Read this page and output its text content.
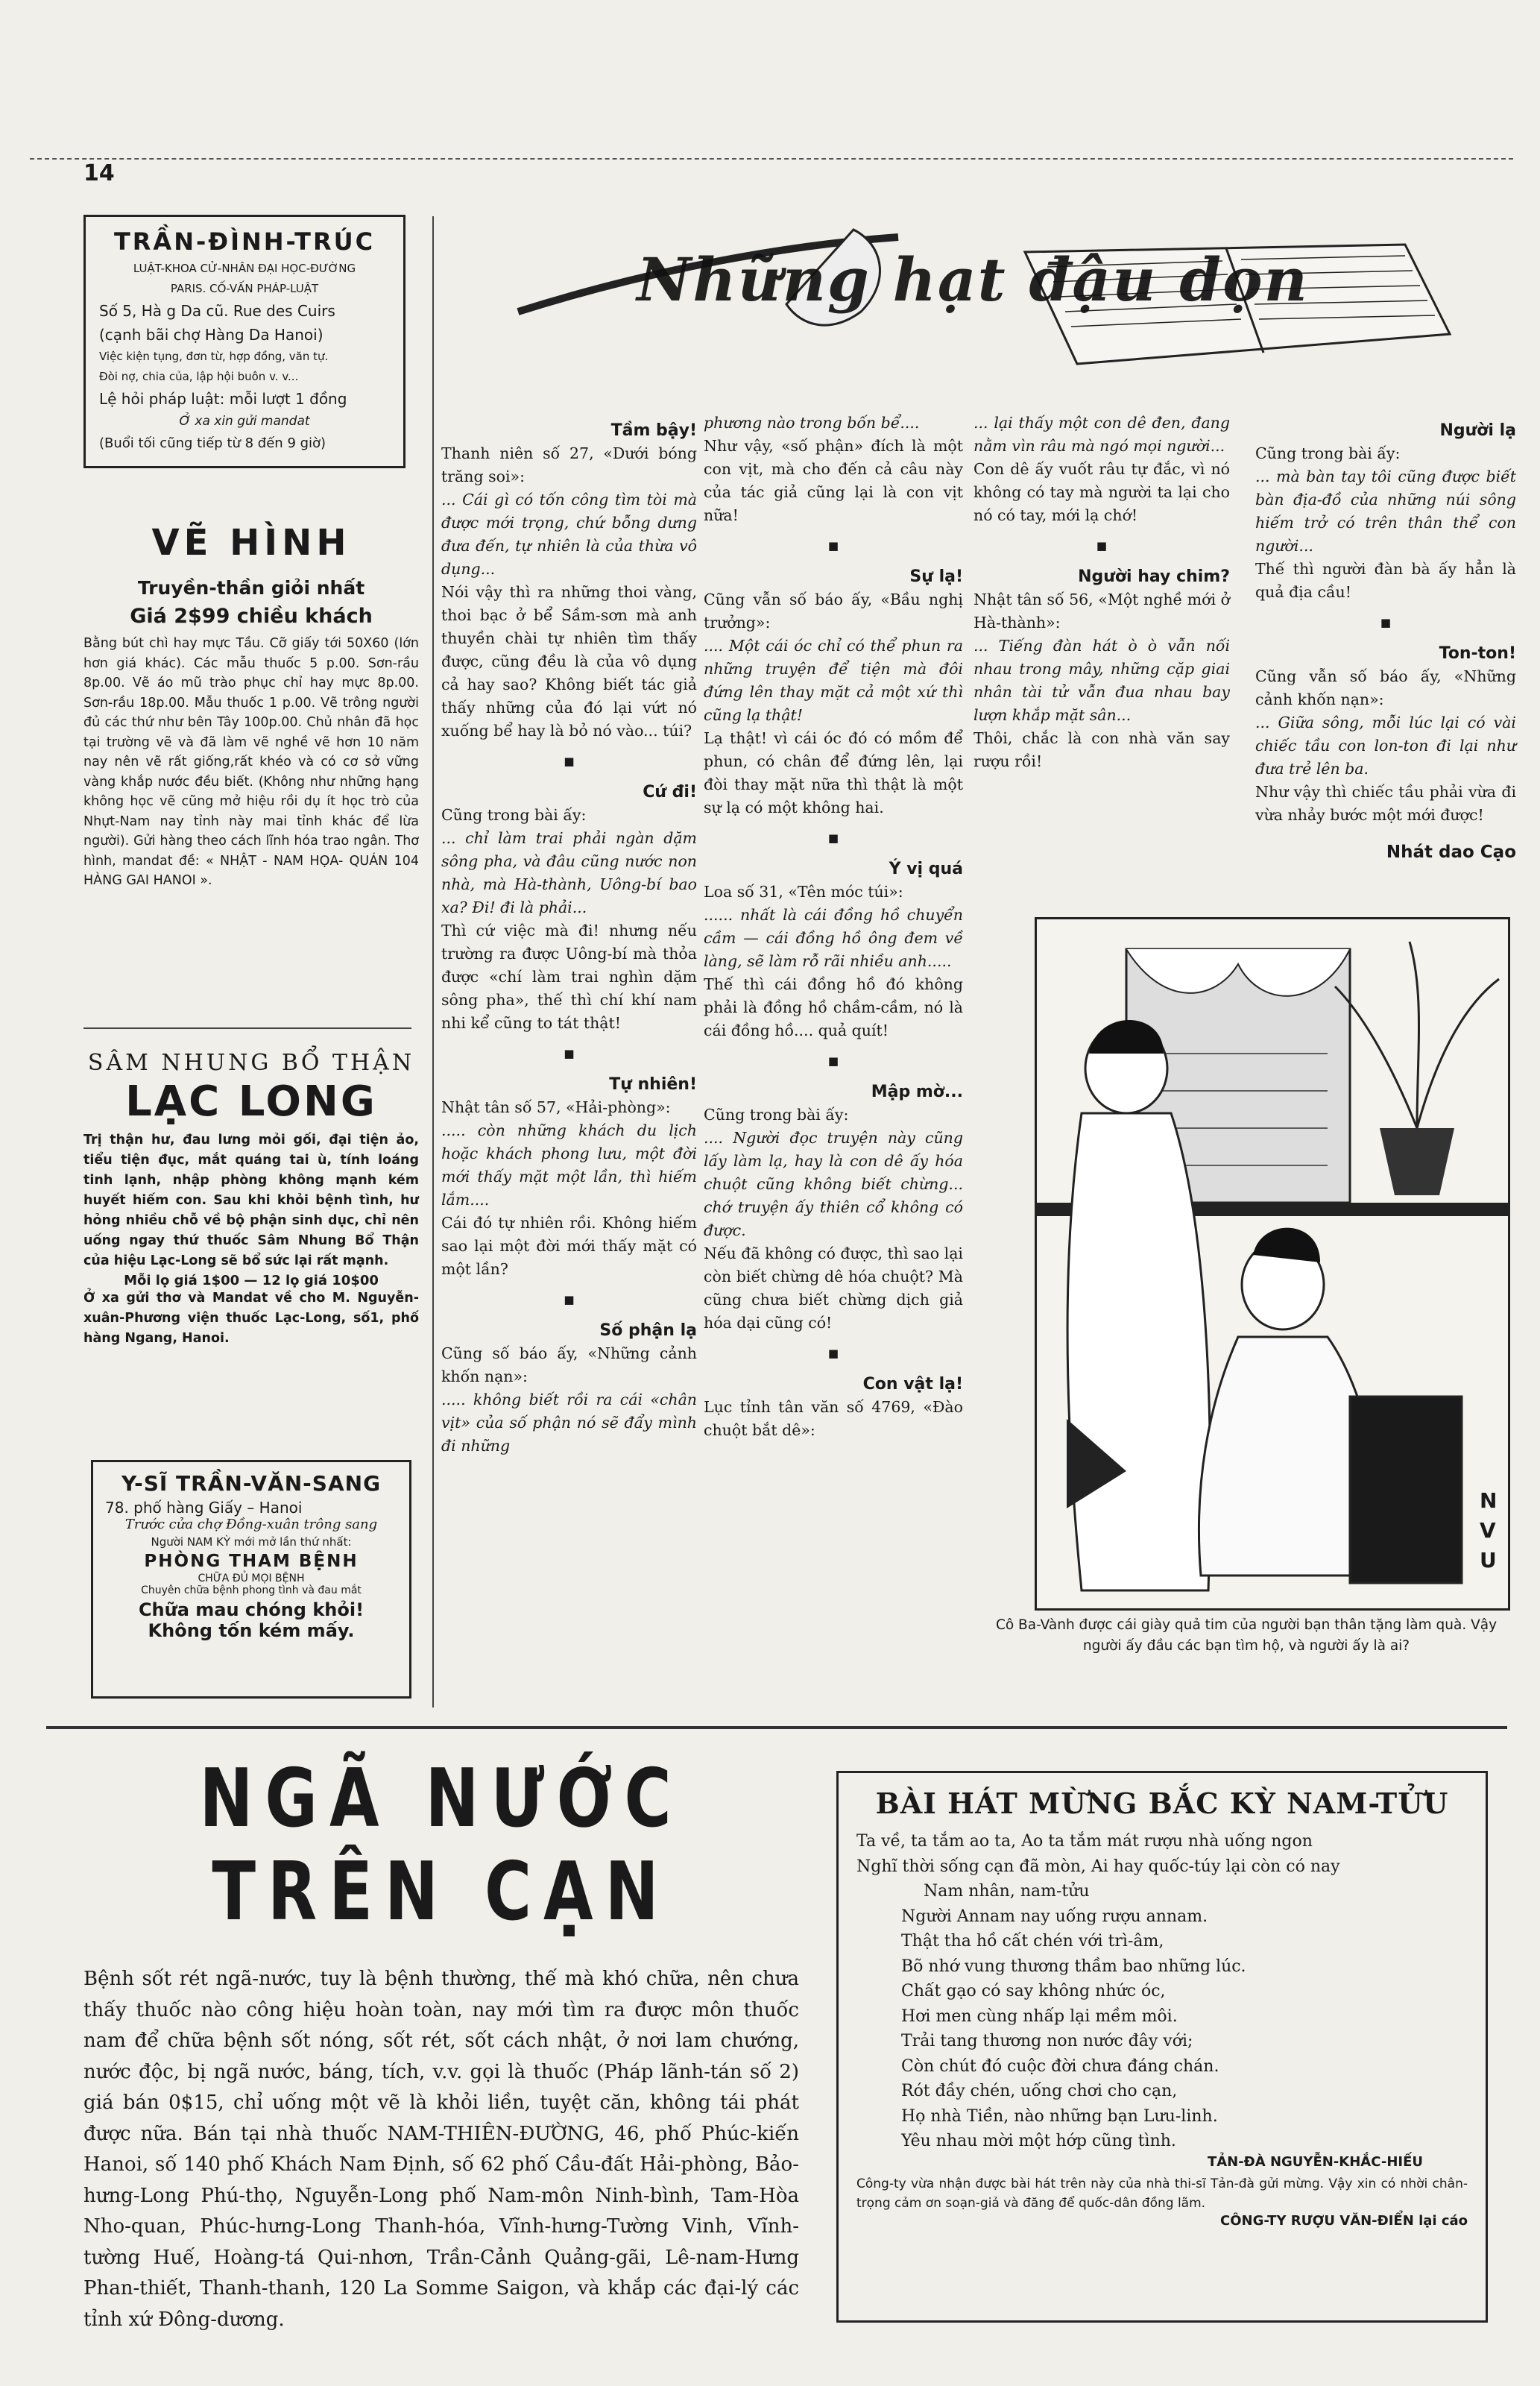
14
TRẦN-ĐÌNH-TRÚC
LUẬT-KHOA CỬ-NHÂN ĐẠI HỌC-ĐƯỜNG
PARIS. CỐ-VẤN PHÁP-LUẬT
Số 5, Hà g Da cũ. Rue des Cuirs
(cạnh bãi chợ Hàng Da Hanoi)
Việc kiện tụng, đơn từ, hợp đồng, văn tự.
Đòi nợ, chia của, lập hội buôn v. v...
Lệ hỏi pháp luật: mỗi lượt 1 đồng
Ở xa xin gửi mandat
(Buổi tối cũng tiếp từ 8 đến 9 giờ)
VẼ HÌNH
Truyền-thần giỏi nhất
Giá 2$99 chiều khách

Bằng bút chì hay mực Tầu. Cỡ giấy tới 50X60 (lớn hơn giá khác). Các mẫu thuốc 5 p.00. Sơn-rầu 8p.00. Vẽ áo mũ trào phục chỉ hay mực 8p.00. Sơn-rầu 18p.00. Mẫu thuốc 1 p.00. Vẽ trông người đủ các thứ như bên Tây 100p.00. Chủ nhân đã học tại trường vẽ và đã làm vẽ nghề vẽ hơn 10 năm nay nên vẽ rất giống,rất khéo và có cơ sở vững vàng khắp nước đều biết. (Không như những hạng không học vẽ cũng mở hiệu rồi dụ ít học trò của Nhựt-Nam nay tỉnh này mai tỉnh khác để lừa người). Gửi hàng theo cách lĩnh hóa trao ngân. Thơ hình, mandat đề: « NHẬT - NAM HỌA- QUÁN 104 HÀNG GAI HANOI ».

SÂM NHUNG BỔ THẬN
LẠC LONG

Trị thận hư, đau lưng mỏi gối, đại tiện ảo, tiểu tiện đục, mắt quáng tai ù, tính loáng tinh lạnh, nhập phòng không mạnh kém huyết hiếm con. Sau khi khỏi bệnh tình, hư hỏng nhiều chỗ về bộ phận sinh dục, chỉ nên uống ngay thứ thuốc Sâm Nhung Bổ Thận của hiệu Lạc-Long sẽ bổ sức lại rất mạnh.

Mỗi lọ giá 1$00 — 12 lọ giá 10$00

Ở xa gửi thơ và Mandat về cho M. Nguyễn-xuân-Phương viện thuốc Lạc-Long, số1, phố hàng Ngang, Hanoi.

Y-SĨ TRẦN-VĂN-SANG
78. phố hàng Giấy – Hanoi
Trước cửa chợ Đồng-xuân trông sang
Người NAM KỲ mới mở lần thứ nhất:
PHÒNG THAM BỆNH
CHỮA ĐỦ MỌI BỆNH
Chuyên chữa bệnh phong tình và đau mắt
Chữa mau chóng khỏi!
Không tốn kém mấy.
Những hạt đậu dọn

Tầm bậy!

Thanh niên số 27, «Dưới bóng trăng soi»:

... Cái gì có tốn công tìm tòi mà được mới trọng, chứ bỗng dưng đưa đến, tự nhiên là của thừa vô dụng...

Nói vậy thì ra những thoi vàng, thoi bạc ở bể Sầm-sơn mà anh thuyền chài tự nhiên tìm thấy được, cũng đều là của vô dụng cả hay sao? Không biết tác giả thấy những của đó lại vứt nó xuống bể hay là bỏ nó vào... túi?

■

Cứ đi!

Cũng trong bài ấy:

... chỉ làm trai phải ngàn dặm sông pha, và đâu cũng nước non nhà, mà Hà-thành, Uông-bí bao xa? Đi! đi là phải...

Thì cứ việc mà đi! nhưng nếu trường ra được Uông-bí mà thỏa được «chí làm trai nghìn dặm sông pha», thế thì chí khí nam nhi kể cũng to tát thật!

■

Tự nhiên!

Nhật tân số 57, «Hải-phòng»:

..... còn những khách du lịch hoặc khách phong lưu, một đời mới thấy mặt một lần, thì hiếm lắm....

Cái đó tự nhiên rồi. Không hiếm sao lại một đời mới thấy mặt có một lần?

■

Số phận lạ

Cũng số báo ấy, «Những cảnh khốn nạn»:

..... không biết rồi ra cái «chân vịt» của số phận nó sẽ đẩy mình đi những

phương nào trong bốn bể....

Như vậy, «số phận» đích là một con vịt, mà cho đến cả câu này của tác giả cũng lại là con vịt nữa!

■

Sự lạ!

Cũng vẫn số báo ấy, «Bầu nghị trưởng»:

.... Một cái óc chỉ có thể phun ra những truyện để tiện mà đôi đứng lên thay mặt cả một xứ thì cũng lạ thật!

Lạ thật! vì cái óc đó có mồm để phun, có chân để đứng lên, lại đòi thay mặt nữa thì thật là một sự lạ có một không hai.

■

Ý vị quá

Loa số 31, «Tên móc túi»:

...... nhất là cái đồng hồ chuyển cầm — cái đồng hồ ông đem về làng, sẽ làm rỗ rãi nhiều anh.....

Thế thì cái đồng hồ đó không phải là đồng hồ chầm-cầm, nó là cái đồng hồ.... quả quít!

■

Mập mờ...

Cũng trong bài ấy:

.... Người đọc truyện này cũng lấy làm lạ, hay là con dê ấy hóa chuột cũng không biết chừng... chớ truyện ấy thiên cổ không có được.

Nếu đã không có được, thì sao lại còn biết chừng dê hóa chuột? Mà cũng chưa biết chừng dịch giả hóa dại cũng có!

■

Con vật lạ!

Lục tỉnh tân văn số 4769, «Đào chuột bắt dê»:

... lại thấy một con dê đen, đang nằm vìn râu mà ngó mọi người...

Con dê ấy vuốt râu tự đắc, vì nó không có tay mà người ta lại cho nó có tay, mới lạ chớ!

■

Người hay chim?

Nhật tân số 56, «Một nghề mới ở Hà-thành»:

... Tiếng đàn hát ò ò vẫn nối nhau trong mây, những cặp giai nhân tài tử vẫn đua nhau bay lượn khắp mặt sân...

Thôi, chắc là con nhà văn say rượu rồi!

Người lạ

Cũng trong bài ấy:

... mà bàn tay tôi cũng được biết bàn địa-đồ của những núi sông hiếm trở có trên thân thể con người...

Thế thì người đàn bà ấy hẳn là quả địa cầu!

■

Ton-ton!

Cũng vẫn số báo ấy, «Những cảnh khốn nạn»:

... Giữa sông, mỗi lúc lại có vài chiếc tầu con lon-ton đi lại như đưa trẻ lên ba.

Như vậy thì chiếc tầu phải vừa đi vừa nhảy bước một mới được!

Nhát dao Cạo
NVU
Cô Ba-Vành được cái giày quả tim của người bạn thân tặng làm quà. Vậy người ấy đầu các bạn tìm hộ, và người ấy là ai?
NGÃ NƯỚC TRÊN CẠN

Bệnh sốt rét ngã-nước, tuy là bệnh thường, thế mà khó chữa, nên chưa thấy thuốc nào công hiệu hoàn toàn, nay mới tìm ra được môn thuốc nam để chữa bệnh sốt nóng, sốt rét, sốt cách nhật, ở nơi lam chướng, nước độc, bị ngã nước, báng, tích, v.v. gọi là thuốc (Pháp lãnh-tán số 2) giá bán 0$15, chỉ uống một vẽ là khỏi liền, tuyệt căn, không tái phát được nữa. Bán tại nhà thuốc NAM-THIÊN-ĐƯỜNG, 46, phố Phúc-kiến Hanoi, số 140 phố Khách Nam Định, số 62 phố Cầu-đất Hải-phòng, Bảo-hưng-Long Phú-thọ, Nguyễn-Long phố Nam-môn Ninh-bình, Tam-Hòa Nho-quan, Phúc-hưng-Long Thanh-hóa, Vĩnh-hưng-Tường Vinh, Vĩnh-tường Huế, Hoàng-tá Qui-nhơn, Trần-Cảnh Quảng-gãi, Lê-nam-Hưng Phan-thiết, Thanh-thanh, 120 La Somme Saigon, và khắp các đại-lý các tỉnh xứ Đông-dương.

BÀI HÁT MỪNG BẮC KỲ NAM-TỬU
Ta về, ta tắm ao ta, Ao ta tắm mát rượu nhà uống ngon
Nghĩ thời sống cạn đã mòn, Ai hay quốc-túy lại còn có nay
Nam nhân, nam-tửu
Người Annam nay uống rượu annam.
Thật tha hồ cất chén với trì-âm,
Bõ nhớ vung thương thầm bao những lúc.
Chất gạo có say không nhức óc,
Hơi men cùng nhấp lại mềm môi.
Trải tang thương non nước đây với;
Còn chút đó cuộc đời chưa đáng chán.
Rót đầy chén, uống chơi cho cạn,
Họ nhà Tiền, nào những bạn Lưu-linh.
Yêu nhau mời một hớp cũng tình.
TẢN-ĐÀ NGUYỄN-KHẮC-HIẾU

Công-ty vừa nhận được bài hát trên này của nhà thi-sĩ Tản-đà gửi mừng. Vậy xin có nhời chân-trọng cảm ơn soạn-giả và đăng để quốc-dân đồng lãm.

CÔNG-TY RƯỢU VĂN-ĐIỂN lại cáo
